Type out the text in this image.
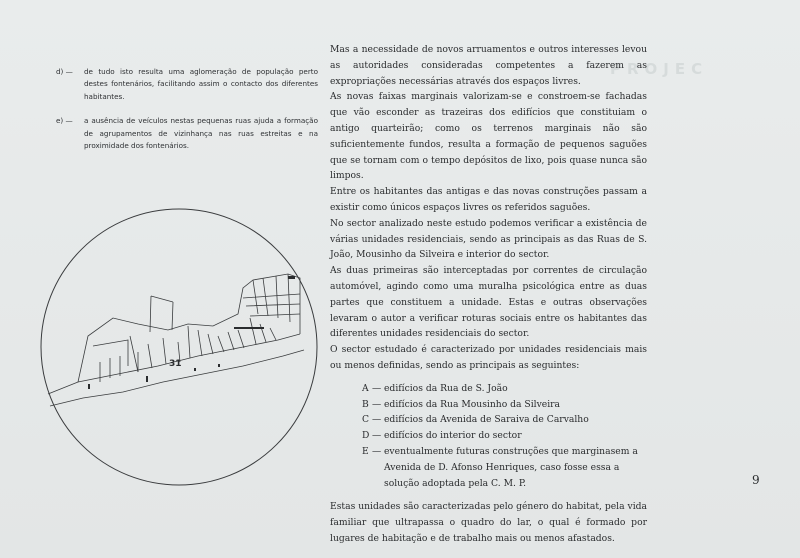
PROJEC
d) —	de tudo isto resulta uma aglomeração de população perto destes fontenários, facilitando assim o contacto dos diferentes habitantes.
e) —	a ausência de veículos nestas pequenas ruas ajuda a formação de agrupamentos de vizinhança nas ruas estreitas e na proximidade dos fontenários.
31

Mas a necessidade de novos arruamentos e outros interesses levou as autoridades consideradas competentes a fazerem as expropriações necessárias através dos espaços livres.

As novas faixas marginais valorizam-se e constroem-se fachadas que vão esconder as trazeiras dos edifícios que constituiam o antigo quarteirão; como os terrenos marginais não são suficientemente fundos, resulta a formação de pequenos saguões que se tornam com o tempo depósitos de lixo, pois quase nunca são limpos.

Entre os habitantes das antigas e das novas construções passam a existir como únicos espaços livres os referidos saguões.

No sector analizado neste estudo podemos verificar a existência de várias unidades residenciais, sendo as principais as das Ruas de S. João, Mousinho da Silveira e interior do sector.

As duas primeiras são interceptadas por correntes de circulação automóvel, agindo como uma muralha psicológica entre as duas partes que constituem a unidade. Estas e outras observações levaram o autor a verificar roturas sociais entre os habitantes das diferentes unidades residenciais do sector.

O sector estudado é caracterizado por unidades residenciais mais ou menos definidas, sendo as principais as seguintes:

A — edifícios da Rua de S. João
B — edifícios da Rua Mousinho da Silveira
C — edifícios da Avenida de Saraiva de Carvalho
D — edifícios do interior do sector
E — eventualmente futuras construções que marginasem a Avenida de D. Afonso Henriques, caso fosse essa a solução adoptada pela C. M. P.

Estas unidades são caracterizadas pelo género do habitat, pela vida familiar que ultrapassa o quadro do lar, o qual é formado por lugares de habitação e de trabalho mais ou menos afastados.

9
